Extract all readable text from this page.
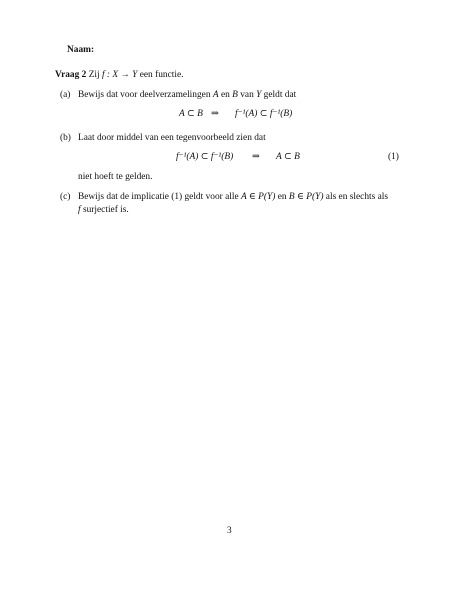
Naam:
Vraag 2 Zij f : X → Y een functie.
(a) Bewijs dat voor deelverzamelingen A en B van Y geldt dat
A ⊂ B ⇒ f⁻¹(A) ⊂ f⁻¹(B)
(b) Laat door middel van een tegenvoorbeeld zien dat
f⁻¹(A) ⊂ f⁻¹(B) ⇒ A ⊂ B	(1)
niet hoeft te gelden.
(c) Bewijs dat de implicatie (1) geldt voor alle A ∈ P(Y) en B ∈ P(Y) als en slechts als
f surjectief is.
3
